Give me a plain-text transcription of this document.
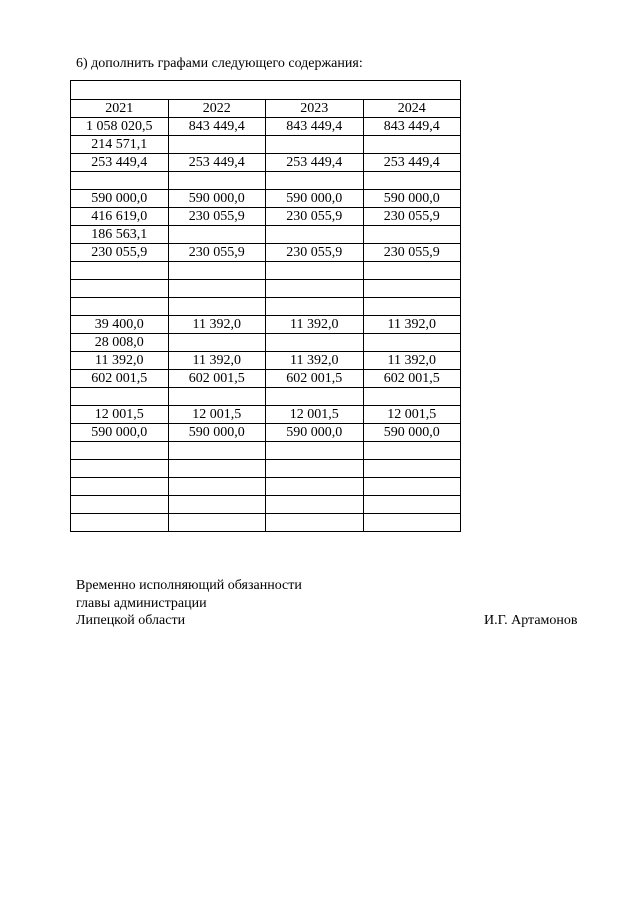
6) дополнить графами следующего содержания:

2021	2022	2023	2024
1 058 020,5	843 449,4	843 449,4	843 449,4
214 571,1			
253 449,4	253 449,4	253 449,4	253 449,4

590 000,0	590 000,0	590 000,0	590 000,0
416 619,0	230 055,9	230 055,9	230 055,9
186 563,1			
230 055,9	230 055,9	230 055,9	230 055,9

39 400,0	11 392,0	11 392,0	11 392,0
28 008,0			
11 392,0	11 392,0	11 392,0	11 392,0
602 001,5	602 001,5	602 001,5	602 001,5

12 001,5	12 001,5	12 001,5	12 001,5
590 000,0	590 000,0	590 000,0	590 000,0

Временно исполняющий обязанности
главы администрации
Липецкой области	И.Г. Артамонов
